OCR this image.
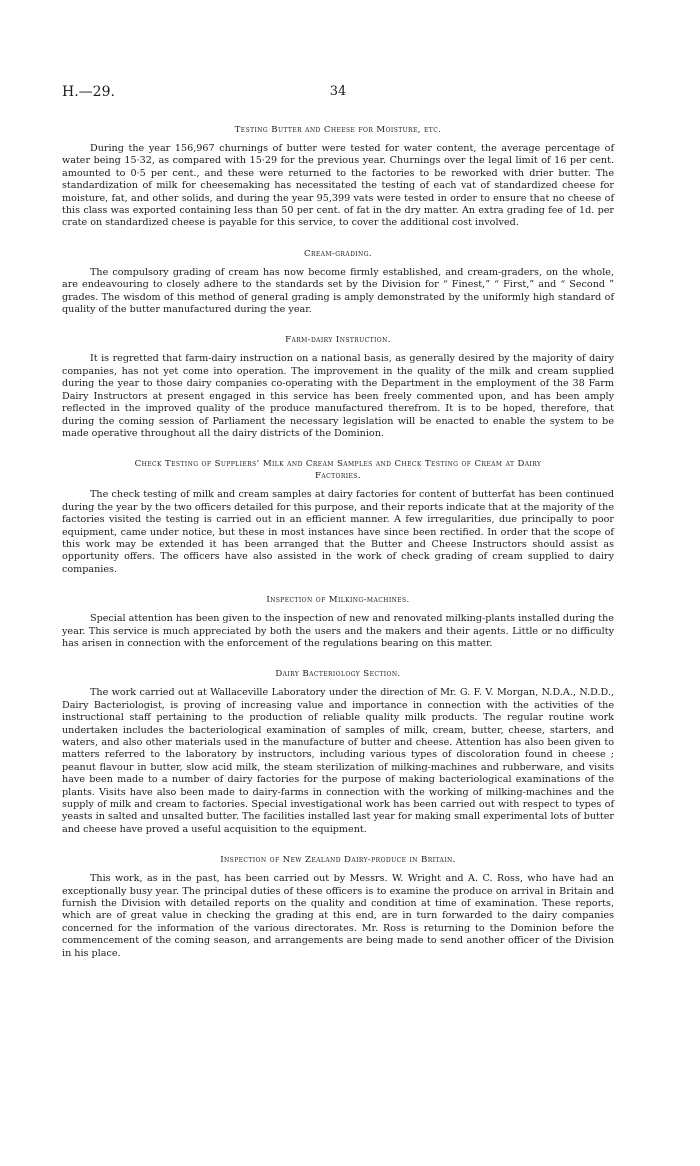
H.—29.	34
Testing Butter and Cheese for Moisture, etc.

During the year 156,967 churnings of butter were tested for water content, the average percentage of water being 15·32, as compared with 15·29 for the previous year. Churnings over the legal limit of 16 per cent. amounted to 0·5 per cent., and these were returned to the factories to be reworked with drier butter. The standardization of milk for cheesemaking has necessitated the testing of each vat of standardized cheese for moisture, fat, and other solids, and during the year 95,399 vats were tested in order to ensure that no cheese of this class was exported containing less than 50 per cent. of fat in the dry matter. An extra grading fee of 1d. per crate on standardized cheese is payable for this service, to cover the additional cost involved.

Cream-grading.

The compulsory grading of cream has now become firmly established, and cream-graders, on the whole, are endeavouring to closely adhere to the standards set by the Division for “ Finest,” “ First,” and “ Second ” grades. The wisdom of this method of general grading is amply demonstrated by the uniformly high standard of quality of the butter manufactured during the year.

Farm-dairy Instruction.

It is regretted that farm-dairy instruction on a national basis, as generally desired by the majority of dairy companies, has not yet come into operation. The improvement in the quality of the milk and cream supplied during the year to those dairy companies co-operating with the Department in the employment of the 38 Farm Dairy Instructors at present engaged in this service has been freely commented upon, and has been amply reflected in the improved quality of the produce manufactured therefrom. It is to be hoped, therefore, that during the coming session of Parliament the necessary legislation will be enacted to enable the system to be made operative throughout all the dairy districts of the Dominion.

Check Testing of Suppliers’ Milk and Cream Samples and Check Testing of Cream at Dairy Factories.

The check testing of milk and cream samples at dairy factories for content of butterfat has been continued during the year by the two officers detailed for this purpose, and their reports indicate that at the majority of the factories visited the testing is carried out in an efficient manner. A few irregularities, due principally to poor equipment, came under notice, but these in most instances have since been rectified. In order that the scope of this work may be extended it has been arranged that the Butter and Cheese Instructors should assist as opportunity offers. The officers have also assisted in the work of check grading of cream supplied to dairy companies.

Inspection of Milking-machines.

Special attention has been given to the inspection of new and renovated milking-plants installed during the year. This service is much appreciated by both the users and the makers and their agents. Little or no difficulty has arisen in connection with the enforcement of the regulations bearing on this matter.

Dairy Bacteriology Section.

The work carried out at Wallaceville Laboratory under the direction of Mr. G. F. V. Morgan, N.D.A., N.D.D., Dairy Bacteriologist, is proving of increasing value and importance in connection with the activities of the instructional staff pertaining to the production of reliable quality milk products. The regular routine work undertaken includes the bacteriological examination of samples of milk, cream, butter, cheese, starters, and waters, and also other materials used in the manufacture of butter and cheese. Attention has also been given to matters referred to the laboratory by instructors, including various types of discoloration found in cheese ; peanut flavour in butter, slow acid milk, the steam sterilization of milking-machines and rubberware, and visits have been made to a number of dairy factories for the purpose of making bacteriological examinations of the plants. Visits have also been made to dairy-farms in connection with the working of milking-machines and the supply of milk and cream to factories. Special investigational work has been carried out with respect to types of yeasts in salted and unsalted butter. The facilities installed last year for making small experimental lots of butter and cheese have proved a useful acquisition to the equipment.

Inspection of New Zealand Dairy-produce in Britain.

This work, as in the past, has been carried out by Messrs. W. Wright and A. C. Ross, who have had an exceptionally busy year. The principal duties of these officers is to examine the produce on arrival in Britain and furnish the Division with detailed reports on the quality and condition at time of examination. These reports, which are of great value in checking the grading at this end, are in turn forwarded to the dairy companies concerned for the information of the various directorates. Mr. Ross is returning to the Dominion before the commencement of the coming season, and arrangements are being made to send another officer of the Division in his place.
